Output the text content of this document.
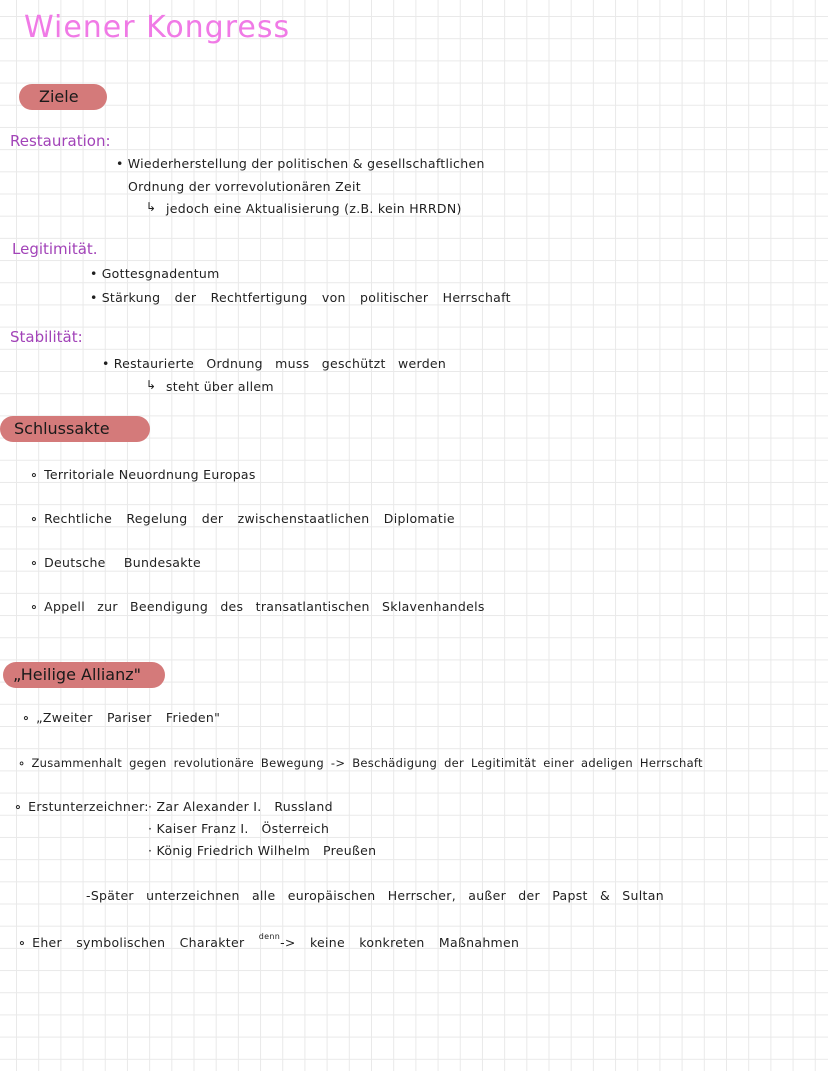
Wiener Kongress
Ziele
Restauration:
• Wiederherstellung der politischen & gesellschaftlichen
Ordnung der vorrevolutionären Zeit
↳ jedoch eine Aktualisierung (z.B. kein HRRDN)
Legitimität.
• Gottesgnadentum
• Stärkung der Rechtfertigung von politischer Herrschaft
Stabilität:
• Restaurierte Ordnung muss geschützt werden
↳ steht über allem
Schlussakte
∘ Territoriale Neuordnung Europas
∘ Rechtliche Regelung der zwischenstaatlichen Diplomatie
∘ Deutsche Bundesakte
∘ Appell zur Beendigung des transatlantischen Sklavenhandels
„Heilige Allianz"
∘ „Zweiter Pariser Frieden"
∘ Zusammenhalt gegen revolutionäre Bewegung -> Beschädigung der Legitimität einer adeligen Herrschaft
∘ Erstunterzeichner: · Zar Alexander I.   Russland
· Kaiser Franz I.   Österreich
· König Friedrich Wilhelm   Preußen
-Später unterzeichnen alle europäischen Herrscher, außer der Papst & Sultan
∘ Eher symbolischen Charakter $^{denn}$-> keine konkreten Maßnahmen
